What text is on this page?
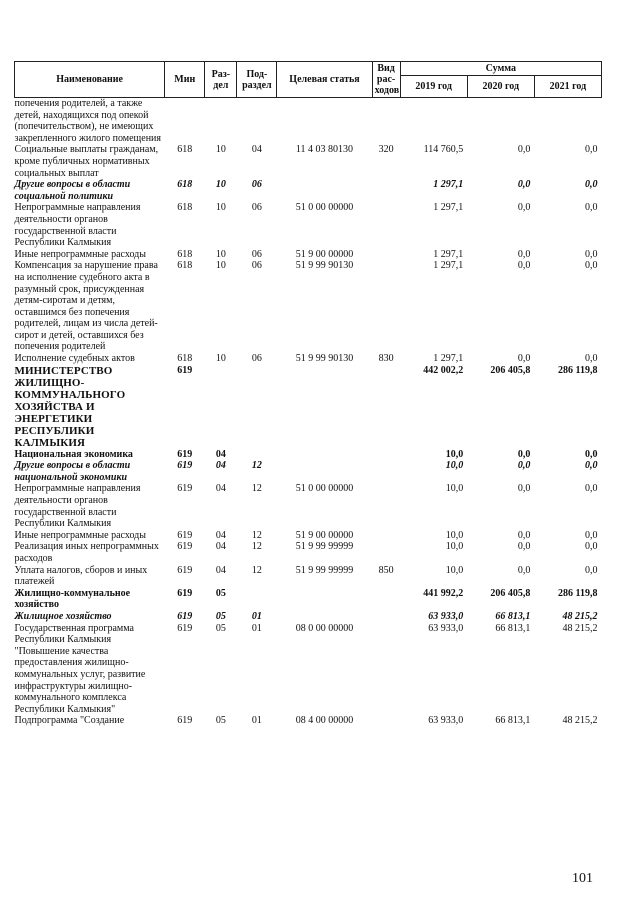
Наименование	Мин	Раз-дел	Под-раздел	Целевая статья	Вид рас-ходов	Сумма		
						2019 год	2020 год	2021 год
попечения родителей, а также детей, находящихся под опекой (попечительством), не имеющих закрепленного жилого помещения								
Социальные выплаты гражданам, кроме публичных нормативных социальных выплат	618	10	04	11 4 03 80130	320	114 760,5	0,0	0,0
Другие вопросы в области социальной политики	618	10	06			1 297,1	0,0	0,0
Непрограммные направления деятельности органов государственной власти Республики Калмыкия	618	10	06	51 0 00 00000		1 297,1	0,0	0,0
Иные непрограммные расходы	618	10	06	51 9 00 00000		1 297,1	0,0	0,0
Компенсация за нарушение права на исполнение судебного акта в разумный срок, присужденная детям-сиротам и детям, оставшимся без попечения родителей, лицам из числа детей-сирот и детей, оставшихся без попечения родителей	618	10	06	51 9 99 90130		1 297,1	0,0	0,0
Исполнение судебных актов	618	10	06	51 9 99 90130	830	1 297,1	0,0	0,0
МИНИСТЕРСТВО ЖИЛИЩНО-КОММУНАЛЬНОГО ХОЗЯЙСТВА И ЭНЕРГЕТИКИ РЕСПУБЛИКИ КАЛМЫКИЯ	619					442 002,2	206 405,8	286 119,8
Национальная экономика	619	04				10,0	0,0	0,0
Другие вопросы в области национальной экономики	619	04	12			10,0	0,0	0,0
Непрограммные направления деятельности органов государственной власти Республики Калмыкия	619	04	12	51 0 00 00000		10,0	0,0	0,0
Иные непрограммные расходы	619	04	12	51 9 00 00000		10,0	0,0	0,0
Реализация иных непрограммных расходов	619	04	12	51 9 99 99999		10,0	0,0	0,0
Уплата налогов, сборов и иных платежей	619	04	12	51 9 99 99999	850	10,0	0,0	0,0
Жилищно-коммунальное хозяйство	619	05				441 992,2	206 405,8	286 119,8
Жилищное хозяйство	619	05	01			63 933,0	66 813,1	48 215,2
Государственная программа Республики Калмыкия "Повышение качества предоставления жилищно-коммунальных услуг, развитие инфраструктуры жилищно-коммунального комплекса Республики Калмыкия"	619	05	01	08 0 00 00000		63 933,0	66 813,1	48 215,2
Подпрограмма "Создание	619	05	01	08 4 00 00000		63 933,0	66 813,1	48 215,2
101
